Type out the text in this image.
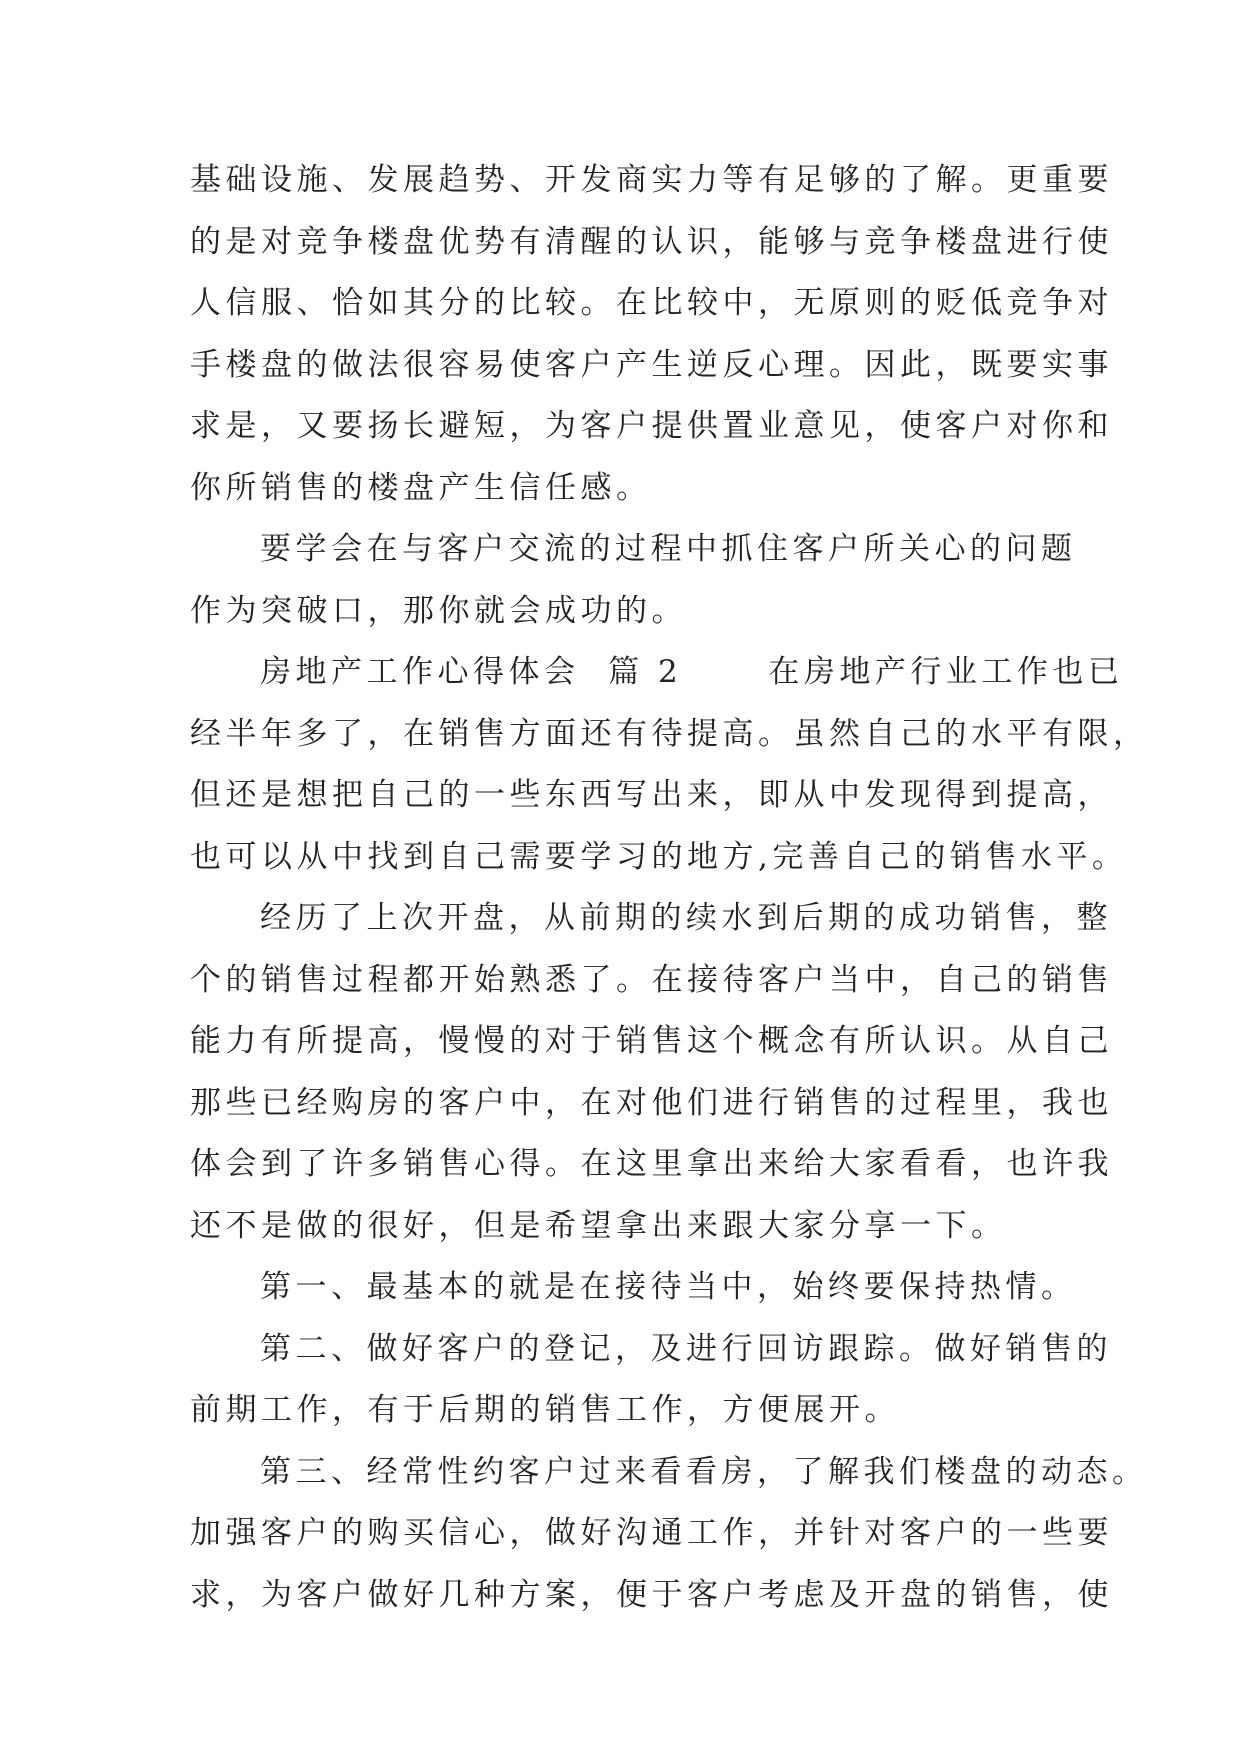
基础设施、发展趋势、开发商实力等有足够的了解。更重要
的是对竞争楼盘优势有清醒的认识，能够与竞争楼盘进行使
人信服、恰如其分的比较。在比较中，无原则的贬低竞争对
手楼盘的做法很容易使客户产生逆反心理。因此，既要实事
求是，又要扬长避短，为客户提供置业意见，使客户对你和
你所销售的楼盘产生信任感。

要学会在与客户交流的过程中抓住客户所关心的问题
作为突破口，那你就会成功的。

房地产工作心得体会  篇 2      在房地产行业工作也已
经半年多了，在销售方面还有待提高。虽然自己的水平有限，
但还是想把自己的一些东西写出来，即从中发现得到提高，
也可以从中找到自己需要学习的地方,完善自己的销售水平。

经历了上次开盘，从前期的续水到后期的成功销售，整
个的销售过程都开始熟悉了。在接待客户当中，自己的销售
能力有所提高，慢慢的对于销售这个概念有所认识。从自己
那些已经购房的客户中，在对他们进行销售的过程里，我也
体会到了许多销售心得。在这里拿出来给大家看看，也许我
还不是做的很好，但是希望拿出来跟大家分享一下。

第一、最基本的就是在接待当中，始终要保持热情。

第二、做好客户的登记，及进行回访跟踪。做好销售的
前期工作，有于后期的销售工作，方便展开。

第三、经常性约客户过来看看房，了解我们楼盘的动态。
加强客户的购买信心，做好沟通工作，并针对客户的一些要
求，为客户做好几种方案，便于客户考虑及开盘的销售，使
